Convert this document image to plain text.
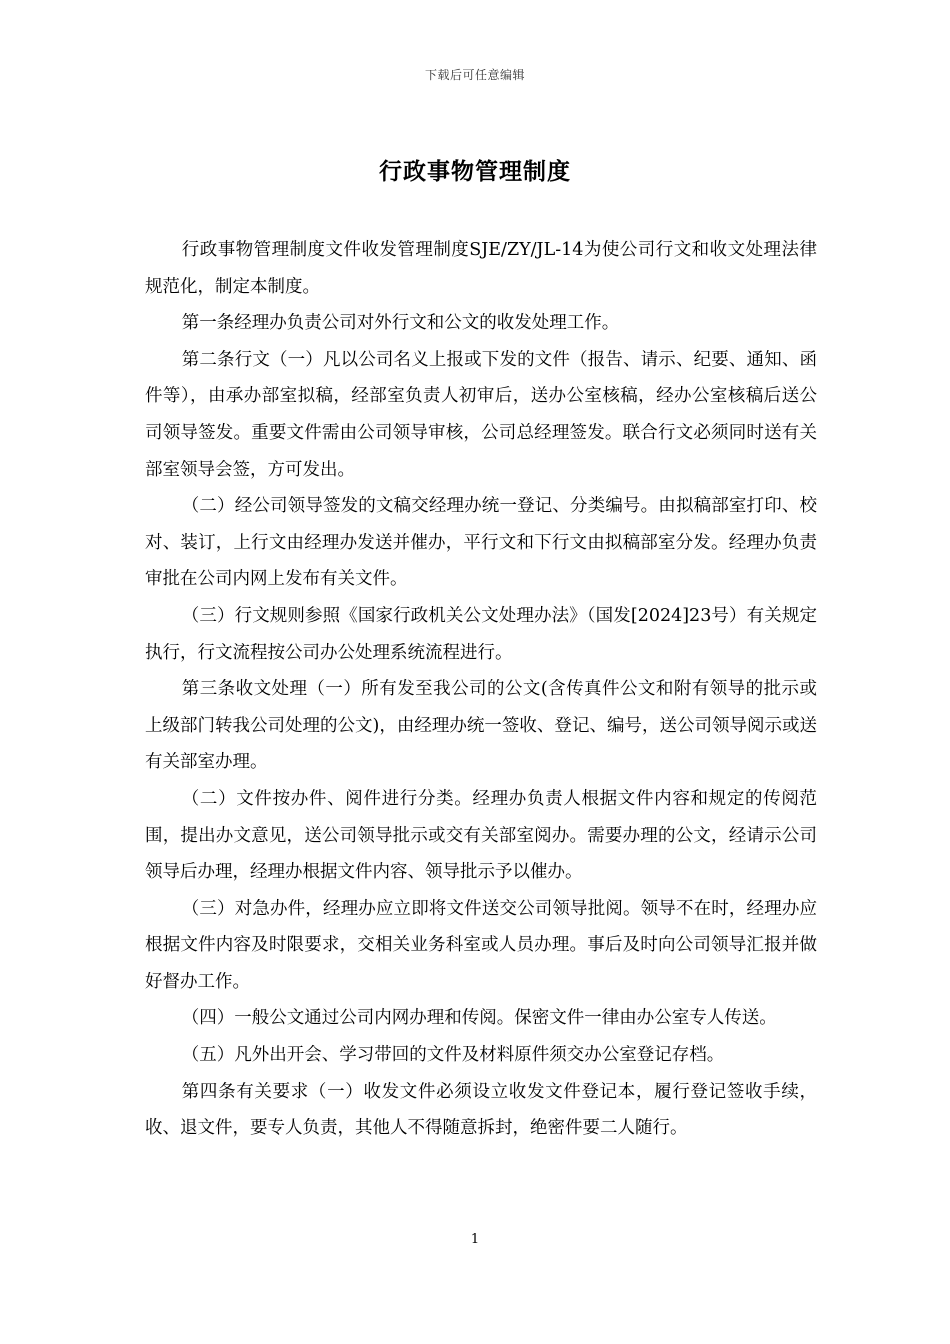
下载后可任意编辑
行政事物管理制度

行政事物管理制度文件收发管理制度SJE/ZY/JL-14为使公司行文和收文处理法律规范化，制定本制度。

第一条经理办负责公司对外行文和公文的收发处理工作。

第二条行文（一）凡以公司名义上报或下发的文件（报告、请示、纪要、通知、函件等），由承办部室拟稿，经部室负责人初审后，送办公室核稿，经办公室核稿后送公司领导签发。重要文件需由公司领导审核，公司总经理签发。联合行文必须同时送有关部室领导会签，方可发出。

（二）经公司领导签发的文稿交经理办统一登记、分类编号。由拟稿部室打印、校对、装订，上行文由经理办发送并催办，平行文和下行文由拟稿部室分发。经理办负责审批在公司内网上发布有关文件。

（三）行文规则参照《国家行政机关公文处理办法》（国发[2024]23号）有关规定执行，行文流程按公司办公处理系统流程进行。

第三条收文处理（一）所有发至我公司的公文(含传真件公文和附有领导的批示或上级部门转我公司处理的公文)，由经理办统一签收、登记、编号，送公司领导阅示或送有关部室办理。

（二）文件按办件、阅件进行分类。经理办负责人根据文件内容和规定的传阅范围，提出办文意见，送公司领导批示或交有关部室阅办。需要办理的公文，经请示公司领导后办理，经理办根据文件内容、领导批示予以催办。

（三）对急办件，经理办应立即将文件送交公司领导批阅。领导不在时，经理办应根据文件内容及时限要求，交相关业务科室或人员办理。事后及时向公司领导汇报并做好督办工作。

（四）一般公文通过公司内网办理和传阅。保密文件一律由办公室专人传送。

（五）凡外出开会、学习带回的文件及材料原件须交办公室登记存档。

第四条有关要求（一）收发文件必须设立收发文件登记本，履行登记签收手续，收、退文件，要专人负责，其他人不得随意拆封，绝密件要二人随行。

1
